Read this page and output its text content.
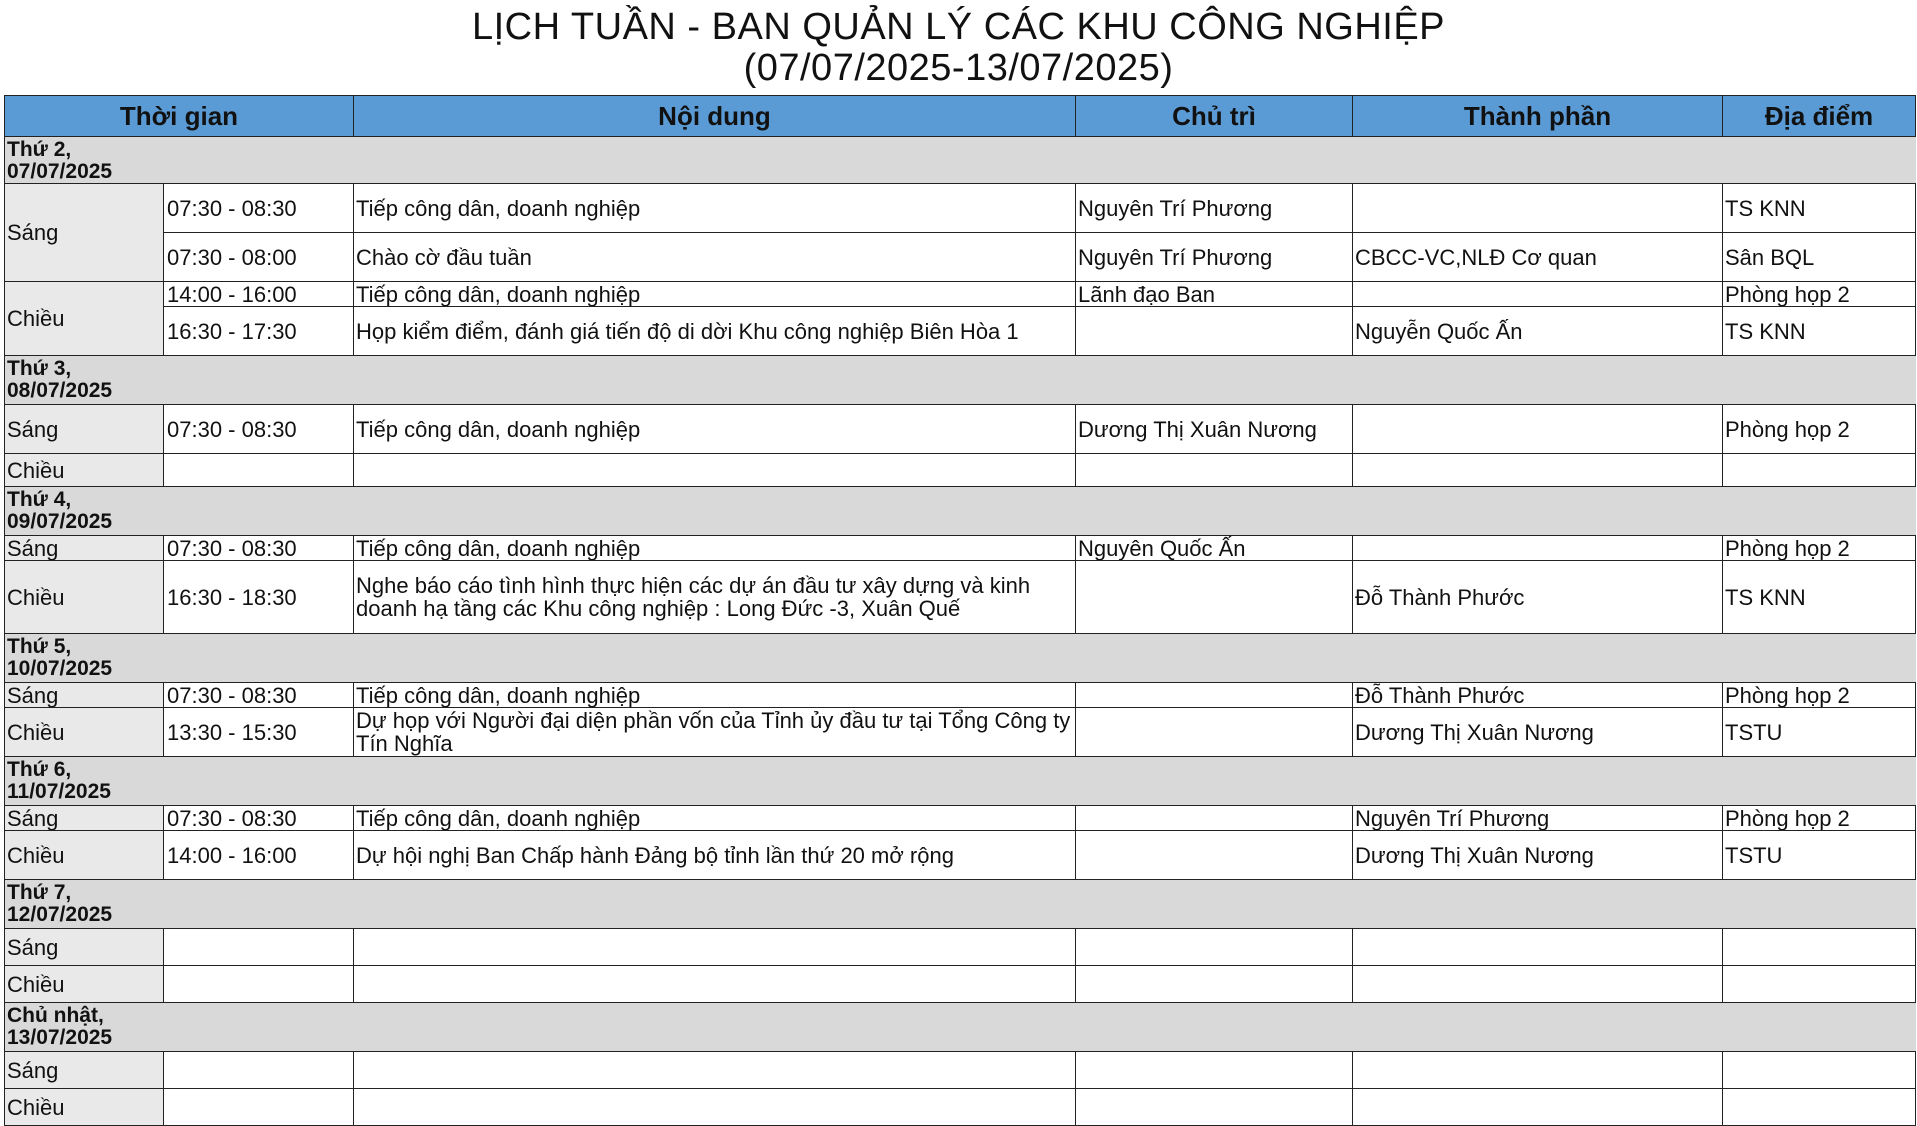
LỊCH TUẦN - BAN QUẢN LÝ CÁC KHU CÔNG NGHIỆP
(07/07/2025-13/07/2025)
Thời gian		Nội dung	Chủ trì	Thành phần	Địa điểm
Thứ 2, 07/07/2025					
Sáng	07:30 - 08:30	Tiếp công dân, doanh nghiệp	Nguyên Trí Phương		TS KNN
	07:30 - 08:00	Chào cờ đầu tuần	Nguyên Trí Phương	CBCC-VC,NLĐ Cơ quan	Sân BQL
Chiều	14:00 - 16:00	Tiếp công dân, doanh nghiệp	Lãnh đạo Ban		Phòng họp 2
	16:30 - 17:30	Họp kiểm điểm, đánh giá tiến độ di dời Khu công nghiệp Biên Hòa 1		Nguyễn Quốc Ấn	TS KNN
Thứ 3, 08/07/2025					
Sáng	07:30 - 08:30	Tiếp công dân, doanh nghiệp	Dương Thị Xuân Nương		Phòng họp 2
Chiều					
Thứ 4, 09/07/2025					
Sáng	07:30 - 08:30	Tiếp công dân, doanh nghiệp	Nguyên Quốc Ấn		Phòng họp 2
Chiều	16:30 - 18:30	Nghe báo cáo tình hình thực hiện các dự án đầu tư xây dựng và kinh doanh hạ tầng các Khu công nghiệp : Long Đức -3, Xuân Quế		Đỗ Thành Phước	TS KNN
Thứ 5, 10/07/2025					
Sáng	07:30 - 08:30	Tiếp công dân, doanh nghiệp		Đỗ Thành Phước	Phòng họp 2
Chiều	13:30 - 15:30	Dự họp với Người đại diện phần vốn của Tỉnh ủy đầu tư tại Tổng Công ty Tín Nghĩa		Dương Thị Xuân Nương	TSTU
Thứ 6, 11/07/2025					
Sáng	07:30 - 08:30	Tiếp công dân, doanh nghiệp		Nguyên Trí Phương	Phòng họp 2
Chiều	14:00 - 16:00	Dự hội nghị Ban Chấp hành Đảng bộ tỉnh lần thứ 20 mở rộng		Dương Thị Xuân Nương	TSTU
Thứ 7, 12/07/2025					
Sáng					
Chiều					
Chủ nhật, 13/07/2025					
Sáng					
Chiều					
